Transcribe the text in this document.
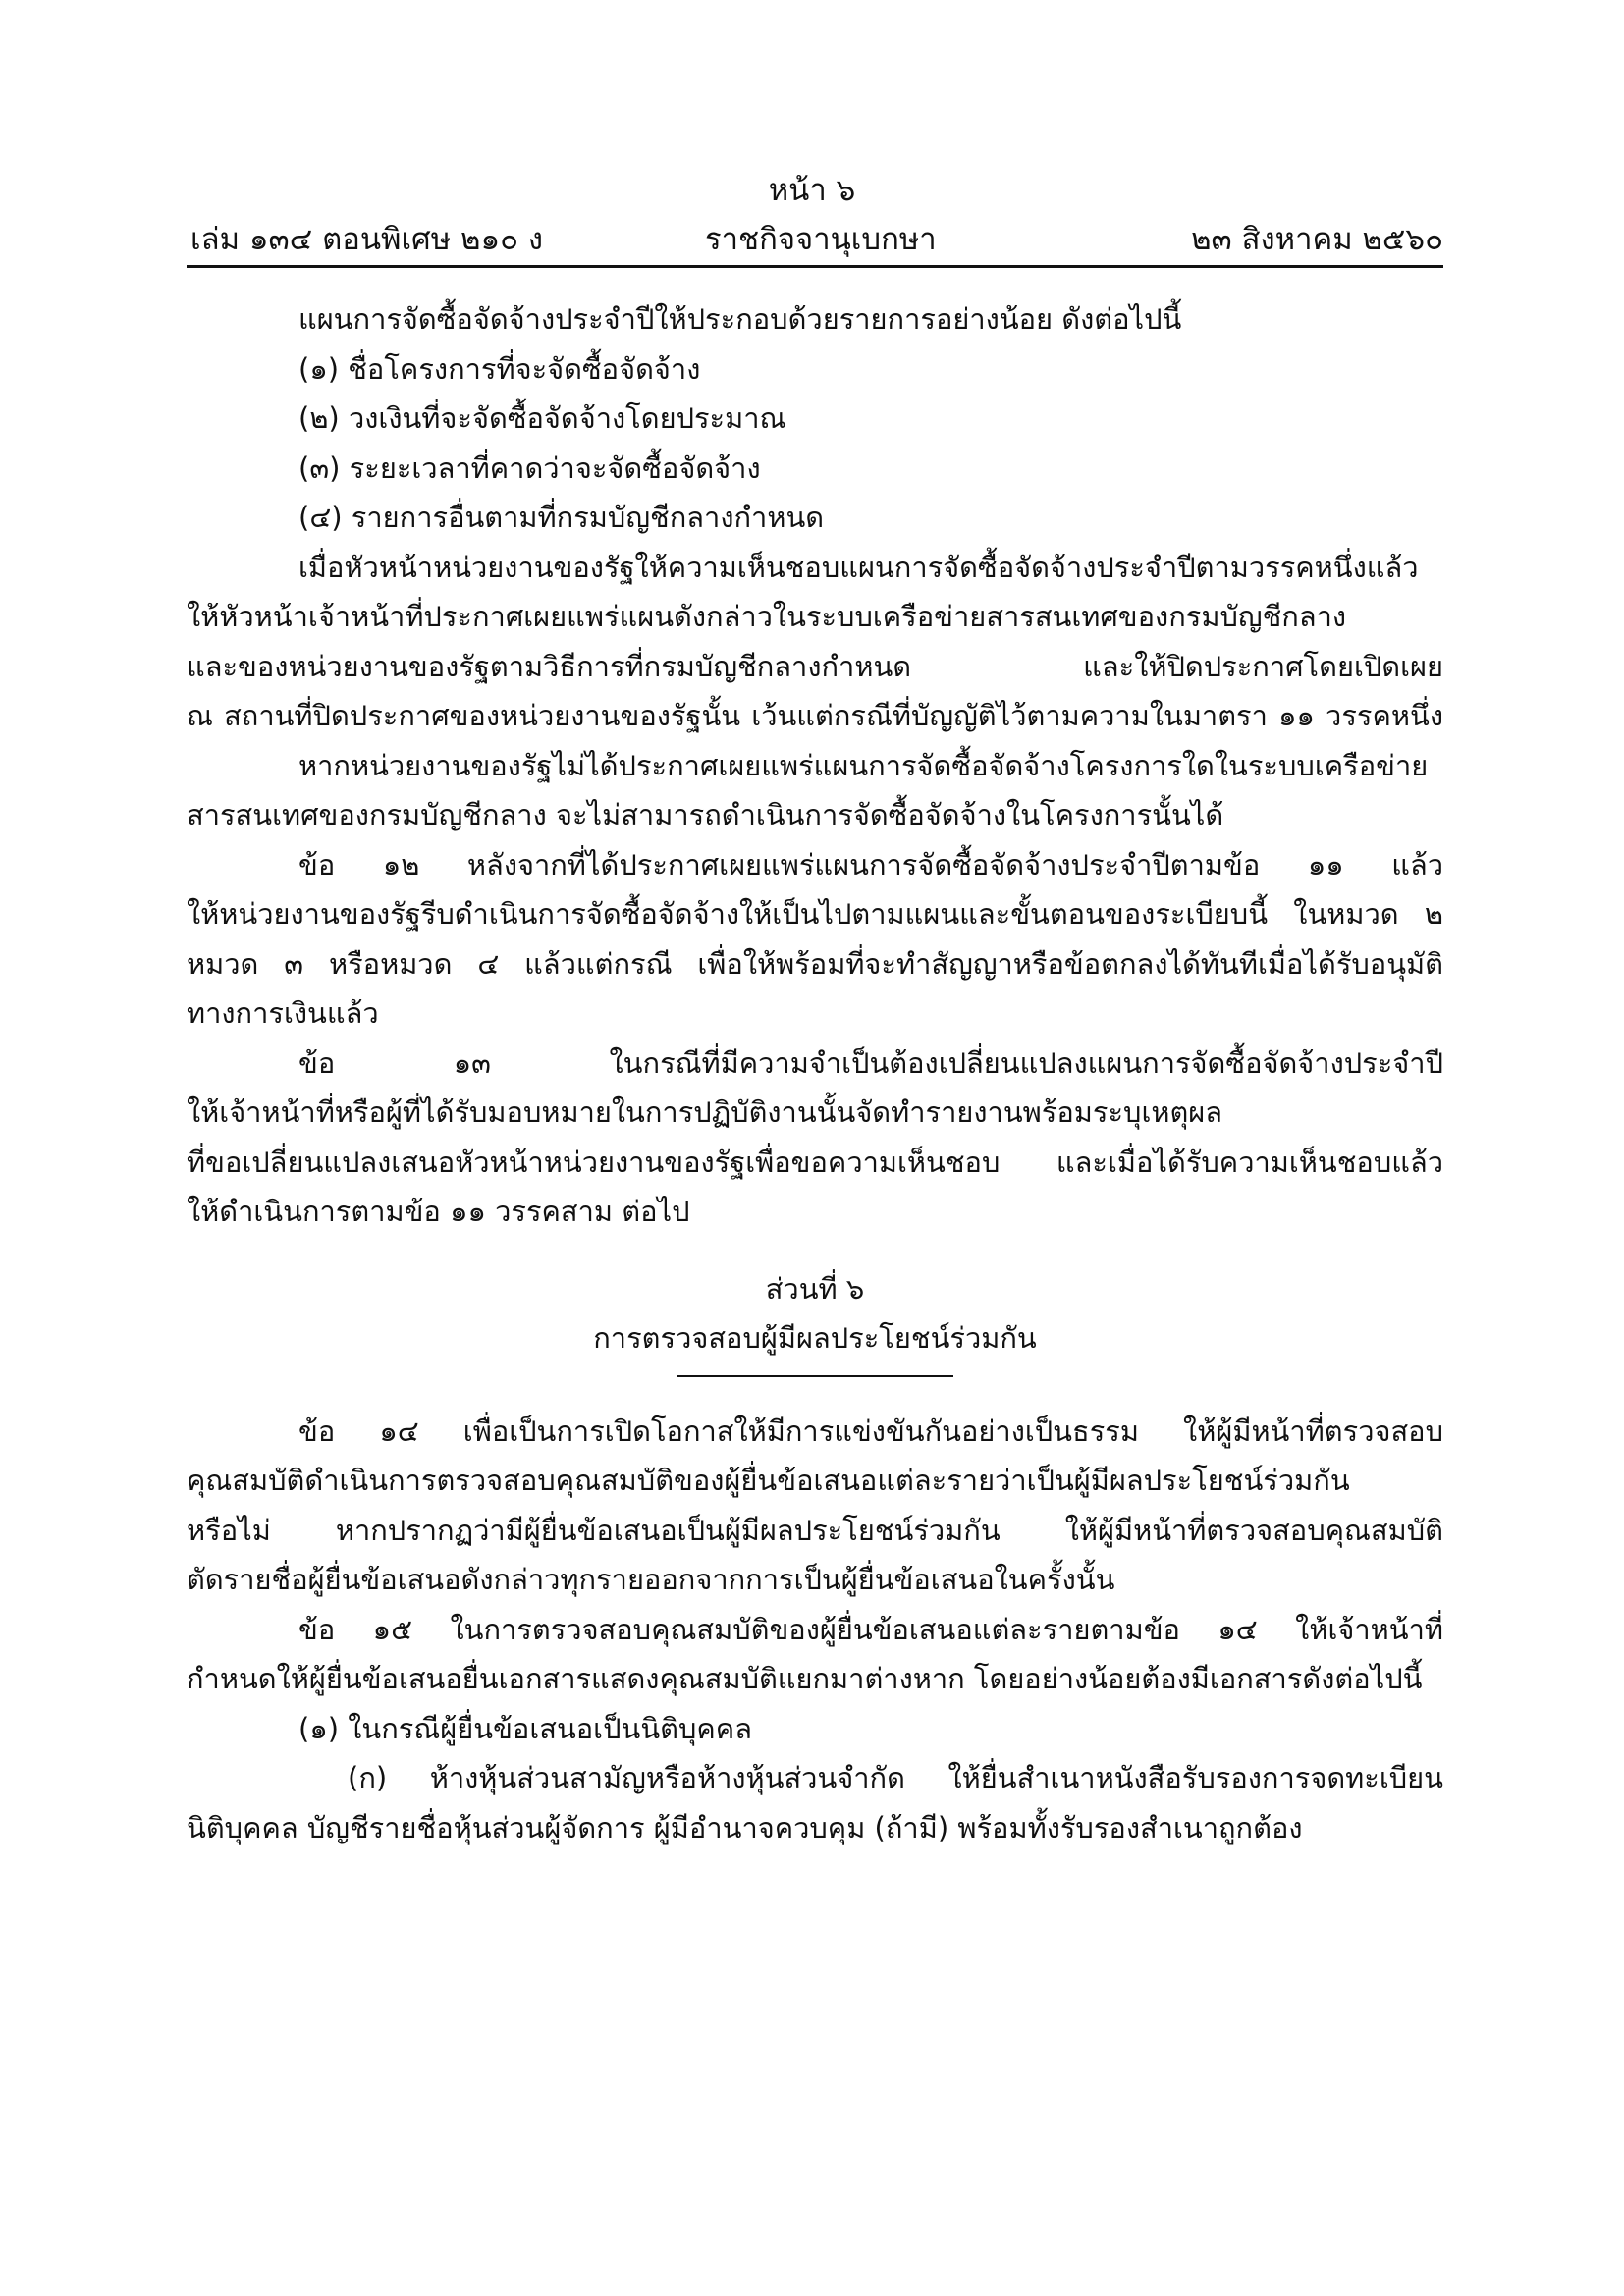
หน้า ๖
เล่ม ๑๓๔ ตอนพิเศษ ๒๑๐ ง	ราชกิจจานุเบกษา	๒๓ สิงหาคม ๒๕๖๐

แผนการจัดซื้อจัดจ้างประจำปีให้ประกอบด้วยรายการอย่างน้อย ดังต่อไปนี้

(๑) ชื่อโครงการที่จะจัดซื้อจัดจ้าง

(๒) วงเงินที่จะจัดซื้อจัดจ้างโดยประมาณ

(๓) ระยะเวลาที่คาดว่าจะจัดซื้อจัดจ้าง

(๔) รายการอื่นตามที่กรมบัญชีกลางกำหนด

เมื่อหัวหน้าหน่วยงานของรัฐให้ความเห็นชอบแผนการจัดซื้อจัดจ้างประจำปีตามวรรคหนึ่งแล้ว

ให้หัวหน้าเจ้าหน้าที่ประกาศเผยแพร่แผนดังกล่าวในระบบเครือข่ายสารสนเทศของกรมบัญชีกลาง

และของหน่วยงานของรัฐตามวิธีการที่กรมบัญชีกลางกำหนด และให้ปิดประกาศโดยเปิดเผย

ณ สถานที่ปิดประกาศของหน่วยงานของรัฐนั้น เว้นแต่กรณีที่บัญญัติไว้ตามความในมาตรา ๑๑ วรรคหนึ่ง

หากหน่วยงานของรัฐไม่ได้ประกาศเผยแพร่แผนการจัดซื้อจัดจ้างโครงการใดในระบบเครือข่าย

สารสนเทศของกรมบัญชีกลาง จะไม่สามารถดำเนินการจัดซื้อจัดจ้างในโครงการนั้นได้

ข้อ ๑๒ หลังจากที่ได้ประกาศเผยแพร่แผนการจัดซื้อจัดจ้างประจำปีตามข้อ ๑๑ แล้ว

ให้หน่วยงานของรัฐรีบดำเนินการจัดซื้อจัดจ้างให้เป็นไปตามแผนและขั้นตอนของระเบียบนี้ ในหมวด ๒

หมวด ๓ หรือหมวด ๔ แล้วแต่กรณี เพื่อให้พร้อมที่จะทำสัญญาหรือข้อตกลงได้ทันทีเมื่อได้รับอนุมัติ

ทางการเงินแล้ว

ข้อ ๑๓ ในกรณีที่มีความจำเป็นต้องเปลี่ยนแปลงแผนการจัดซื้อจัดจ้างประจำปี

ให้เจ้าหน้าที่หรือผู้ที่ได้รับมอบหมายในการปฏิบัติงานนั้นจัดทำรายงานพร้อมระบุเหตุผล

ที่ขอเปลี่ยนแปลงเสนอหัวหน้าหน่วยงานของรัฐเพื่อขอความเห็นชอบ และเมื่อได้รับความเห็นชอบแล้ว

ให้ดำเนินการตามข้อ ๑๑ วรรคสาม ต่อไป

ส่วนที่ ๖

การตรวจสอบผู้มีผลประโยชน์ร่วมกัน

ข้อ ๑๔ เพื่อเป็นการเปิดโอกาสให้มีการแข่งขันกันอย่างเป็นธรรม ให้ผู้มีหน้าที่ตรวจสอบ

คุณสมบัติดำเนินการตรวจสอบคุณสมบัติของผู้ยื่นข้อเสนอแต่ละรายว่าเป็นผู้มีผลประโยชน์ร่วมกัน

หรือไม่ หากปรากฏว่ามีผู้ยื่นข้อเสนอเป็นผู้มีผลประโยชน์ร่วมกัน ให้ผู้มีหน้าที่ตรวจสอบคุณสมบัติ

ตัดรายชื่อผู้ยื่นข้อเสนอดังกล่าวทุกรายออกจากการเป็นผู้ยื่นข้อเสนอในครั้งนั้น

ข้อ ๑๕ ในการตรวจสอบคุณสมบัติของผู้ยื่นข้อเสนอแต่ละรายตามข้อ ๑๔ ให้เจ้าหน้าที่

กำหนดให้ผู้ยื่นข้อเสนอยื่นเอกสารแสดงคุณสมบัติแยกมาต่างหาก โดยอย่างน้อยต้องมีเอกสารดังต่อไปนี้

(๑) ในกรณีผู้ยื่นข้อเสนอเป็นนิติบุคคล

(ก) ห้างหุ้นส่วนสามัญหรือห้างหุ้นส่วนจำกัด ให้ยื่นสำเนาหนังสือรับรองการจดทะเบียน

นิติบุคคล บัญชีรายชื่อหุ้นส่วนผู้จัดการ ผู้มีอำนาจควบคุม (ถ้ามี) พร้อมทั้งรับรองสำเนาถูกต้อง
